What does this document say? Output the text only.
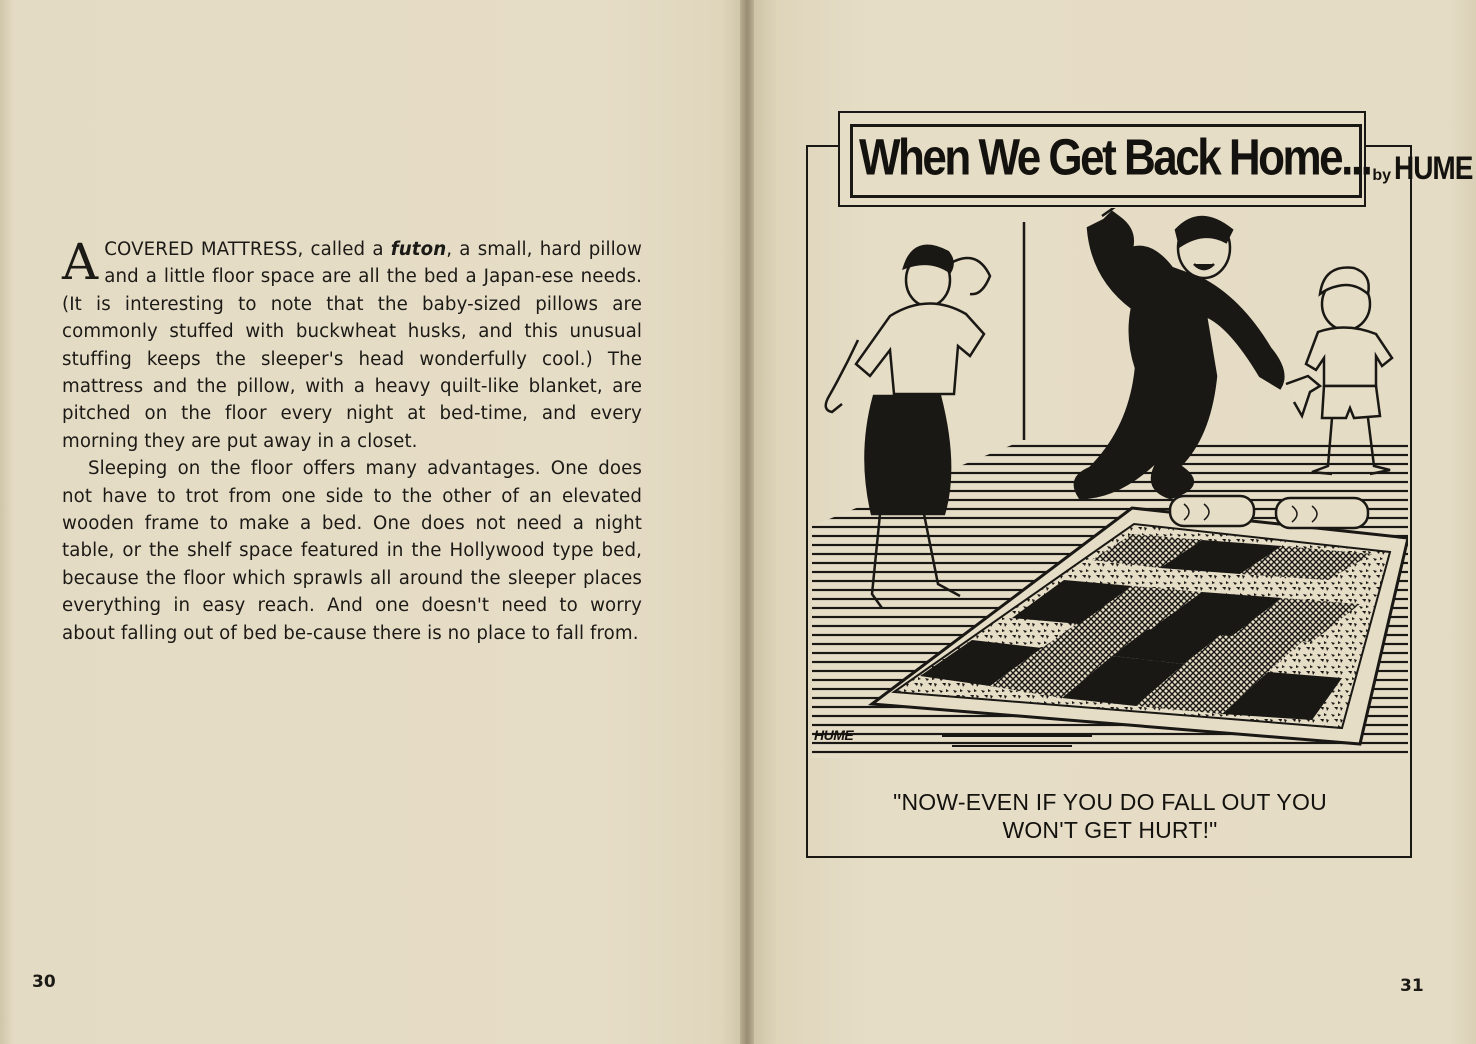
ACOVERED MATTRESS, called a futon, a small, hard pillow and a little floor space are all the bed a Japan-ese needs. (It is interesting to note that the baby-sized pillows are commonly stuffed with buckwheat husks, and this unusual stuffing keeps the sleeper's head wonderfully cool.) The mattress and the pillow, with a heavy quilt-like blanket, are pitched on the floor every night at bed-time, and every morning they are put away in a closet.

Sleeping on the floor offers many advantages. One does not have to trot from one side to the other of an elevated wooden frame to make a bed. One does not need a night table, or the shelf space featured in the Hollywood type bed, because the floor which sprawls all around the sleeper places everything in easy reach. And one doesn't need to worry about falling out of bed be-cause there is no place to fall from.

30
When We Get Back Home... by HUME
HUME
"NOW-EVEN IF YOU DO FALL OUT YOU
WON'T GET HURT!"
31
